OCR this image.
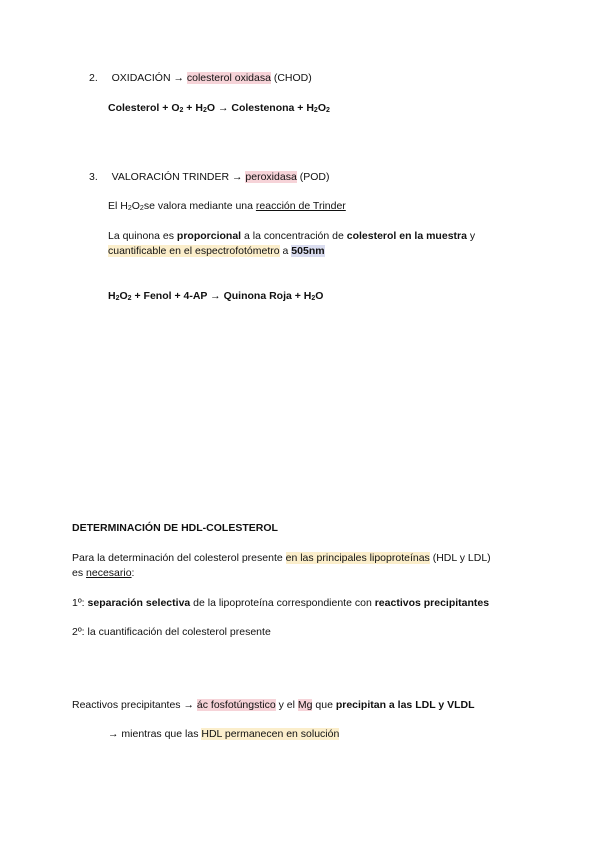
2. OXIDACIÓN → colesterol oxidasa (CHOD)
Colesterol + $O_2 + H_2O$ → Colestenona + $H_2O_2$
3. VALORACIÓN TRINDER → peroxidasa (POD)
El $H_2O_2se$ valora mediante una reacción de Trinder
La quinona es proporcional a la concentración de colesterol en la muestra y
cuantificable en el espectrofotómetro a 505nm
$H_2O_2$ + Fenol + 4-AP → Quinona Roja + $H_2O$
DETERMINACIÓN DE HDL-COLESTEROL
Para la determinación del colesterol presente en las principales lipoproteínas (HDL y LDL)
es necesario:
1º: separación selectiva de la lipoproteína correspondiente con reactivos precipitantes
2º: la cuantificación del colesterol presente
Reactivos precipitantes → ác fosfotúngstico y el Mg que precipitan a las LDL y VLDL
→ mientras que las HDL permanecen en solución
